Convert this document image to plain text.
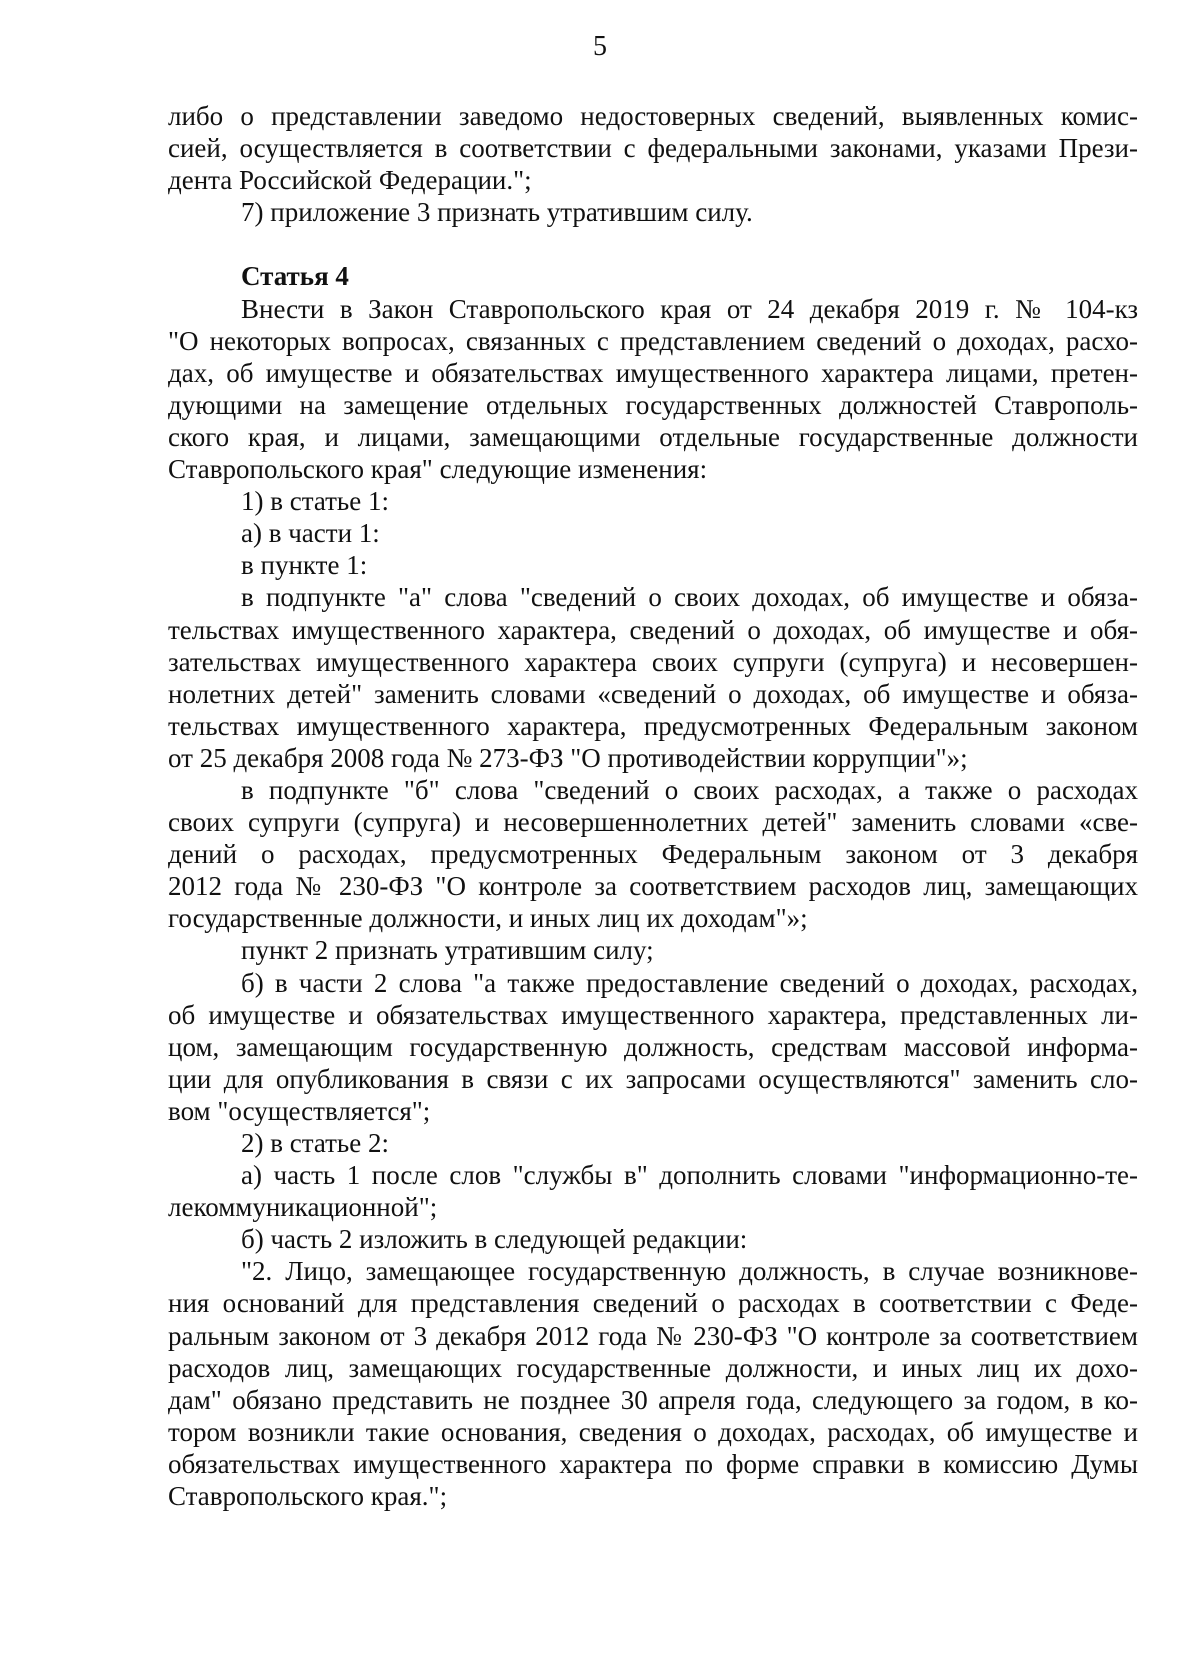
5
либо о представлении заведомо недостоверных сведений, выявленных комис-
сией, осуществляется в соответствии с федеральными законами, указами Прези-
дента Российской Федерации.";
7) приложение 3 признать утратившим силу.
Статья 4
Внести в Закон Ставропольского края от 24 декабря 2019 г. № 104-кз
"О некоторых вопросах, связанных с представлением сведений о доходах, расхо-
дах, об имуществе и обязательствах имущественного характера лицами, претен-
дующими на замещение отдельных государственных должностей Ставрополь-
ского края, и лицами, замещающими отдельные государственные должности
Ставропольского края" следующие изменения:
1) в статье 1:
а) в части 1:
в пункте 1:
в подпункте "а" слова "сведений о своих доходах, об имуществе и обяза-
тельствах имущественного характера, сведений о доходах, об имуществе и обя-
зательствах имущественного характера своих супруги (супруга) и несовершен-
нолетних детей" заменить словами «сведений о доходах, об имуществе и обяза-
тельствах имущественного характера, предусмотренных Федеральным законом
от 25 декабря 2008 года № 273-ФЗ "О противодействии коррупции"»;
в подпункте "б" слова "сведений о своих расходах, а также о расходах
своих супруги (супруга) и несовершеннолетних детей" заменить словами «све-
дений о расходах, предусмотренных Федеральным законом от 3 декабря
2012 года № 230-ФЗ "О контроле за соответствием расходов лиц, замещающих
государственные должности, и иных лиц их доходам"»;
пункт 2 признать утратившим силу;
б) в части 2 слова "а также предоставление сведений о доходах, расходах,
об имуществе и обязательствах имущественного характера, представленных ли-
цом, замещающим государственную должность, средствам массовой информа-
ции для опубликования в связи с их запросами осуществляются" заменить сло-
вом "осуществляется";
2) в статье 2:
а) часть 1 после слов "службы в" дополнить словами "информационно-те-
лекоммуникационной";
б) часть 2 изложить в следующей редакции:
"2. Лицо, замещающее государственную должность, в случае возникнове-
ния оснований для представления сведений о расходах в соответствии с Феде-
ральным законом от 3 декабря 2012 года № 230-ФЗ "О контроле за соответствием
расходов лиц, замещающих государственные должности, и иных лиц их дохо-
дам" обязано представить не позднее 30 апреля года, следующего за годом, в ко-
тором возникли такие основания, сведения о доходах, расходах, об имуществе и
обязательствах имущественного характера по форме справки в комиссию Думы
Ставропольского края.";
